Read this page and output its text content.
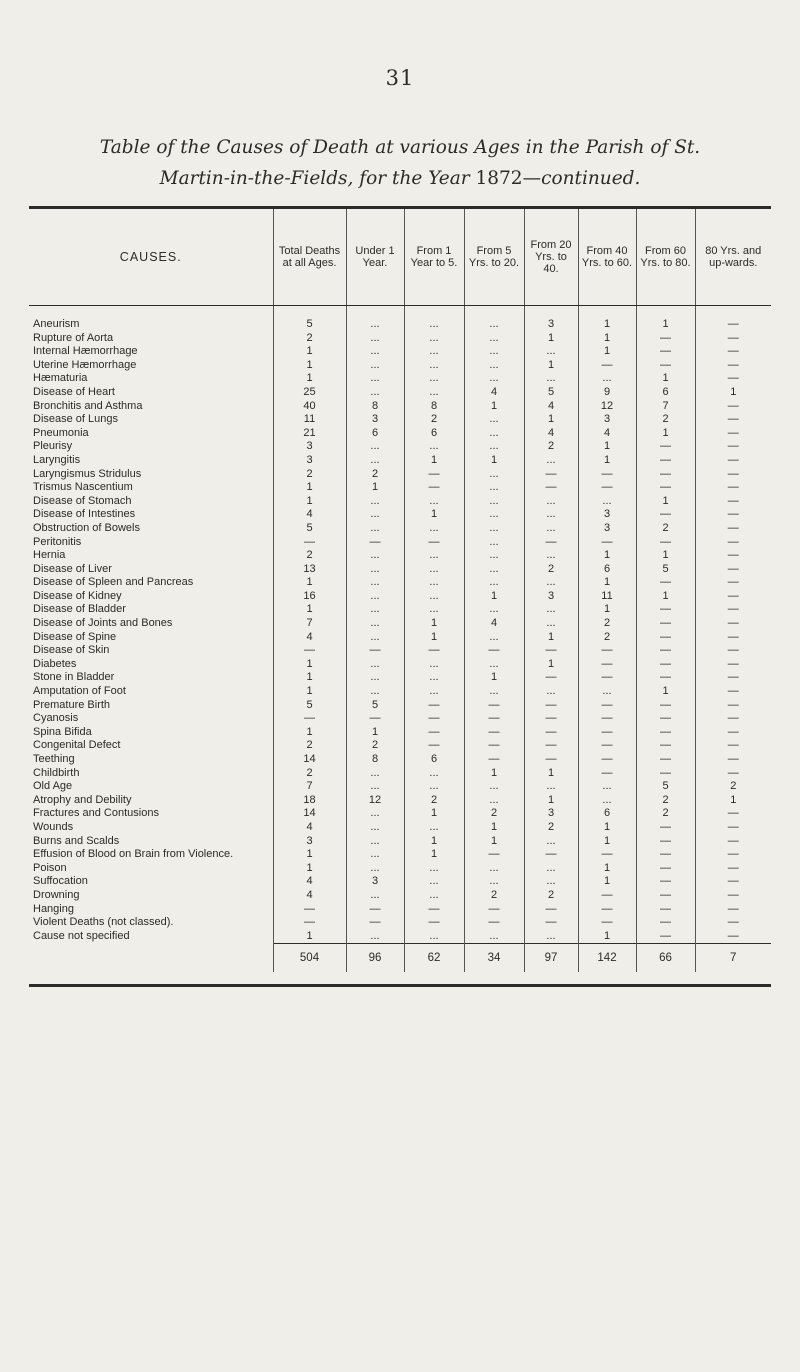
31
Table of the Causes of Death at various Ages in the Parish of St. Martin-in-the-Fields, for the Year 1872—continued.
CAUSES.	Total Deaths at all Ages.	Under 1 Year.	From 1 Year to 5.	From 5 Yrs. to 20.	From 20 Yrs. to 40.	From 40 Yrs. to 60.	From 60 Yrs. to 80.	80 Yrs. and up-wards.

Aneurism	5	...	...	...	3	1	1	—
Rupture of Aorta	2	...	...	...	1	1	—	—
Internal Hæmorrhage	1	...	...	...	...	1	—	—
Uterine Hæmorrhage	1	...	...	...	1	—	—	—
Hæmaturia	1	...	...	...	...	...	1	—
Disease of Heart	25	...	...	4	5	9	6	1
Bronchitis and Asthma	40	8	8	1	4	12	7	—
Disease of Lungs	11	3	2	...	1	3	2	—
Pneumonia	21	6	6	...	4	4	1	—
Pleurisy	3	...	...	...	2	1	—	—
Laryngitis	3	...	1	1	...	1	—	—
Laryngismus Stridulus	2	2	—	...	—	—	—	—
Trismus Nascentium	1	1	—	...	—	—	—	—
Disease of Stomach	1	...	...	...	...	...	1	—
Disease of Intestines	4	...	1	...	...	3	—	—
Obstruction of Bowels	5	...	...	...	...	3	2	—
Peritonitis	—	—	—	...	—	—	—	—
Hernia	2	...	...	...	...	1	1	—
Disease of Liver	13	...	...	...	2	6	5	—
Disease of Spleen and Pancreas	1	...	...	...	...	1	—	—
Disease of Kidney	16	...	...	1	3	11	1	—
Disease of Bladder	1	...	...	...	...	1	—	—
Disease of Joints and Bones	7	...	1	4	...	2	—	—
Disease of Spine	4	...	1	...	1	2	—	—
Disease of Skin	—	—	—	—	—	—	—	—
Diabetes	1	...	...	...	1	—	—	—
Stone in Bladder	1	...	...	1	—	—	—	—
Amputation of Foot	1	...	...	...	...	...	1	—
Premature Birth	5	5	—	—	—	—	—	—
Cyanosis	—	—	—	—	—	—	—	—
Spina Bifida	1	1	—	—	—	—	—	—
Congenital Defect	2	2	—	—	—	—	—	—
Teething	14	8	6	—	—	—	—	—
Childbirth	2	...	...	1	1	—	—	—
Old Age	7	...	...	...	...	...	5	2
Atrophy and Debility	18	12	2	...	1	...	2	1
Fractures and Contusions	14	...	1	2	3	6	2	—
Wounds	4	...	...	1	2	1	—	—
Burns and Scalds	3	...	1	1	...	1	—	—
Effusion of Blood on Brain from Violence.	1	...	1	—	—	—	—	—
Poison	1	...	...	...	...	1	—	—
Suffocation	4	3	...	...	...	1	—	—
Drowning	4	...	...	2	2	—	—	—
Hanging	—	—	—	—	—	—	—	—
Violent Deaths (not classed).	—	—	—	—	—	—	—	—
Cause not specified	1	...	...	...	...	1	—	—
	504	96	62	34	97	142	66	7
